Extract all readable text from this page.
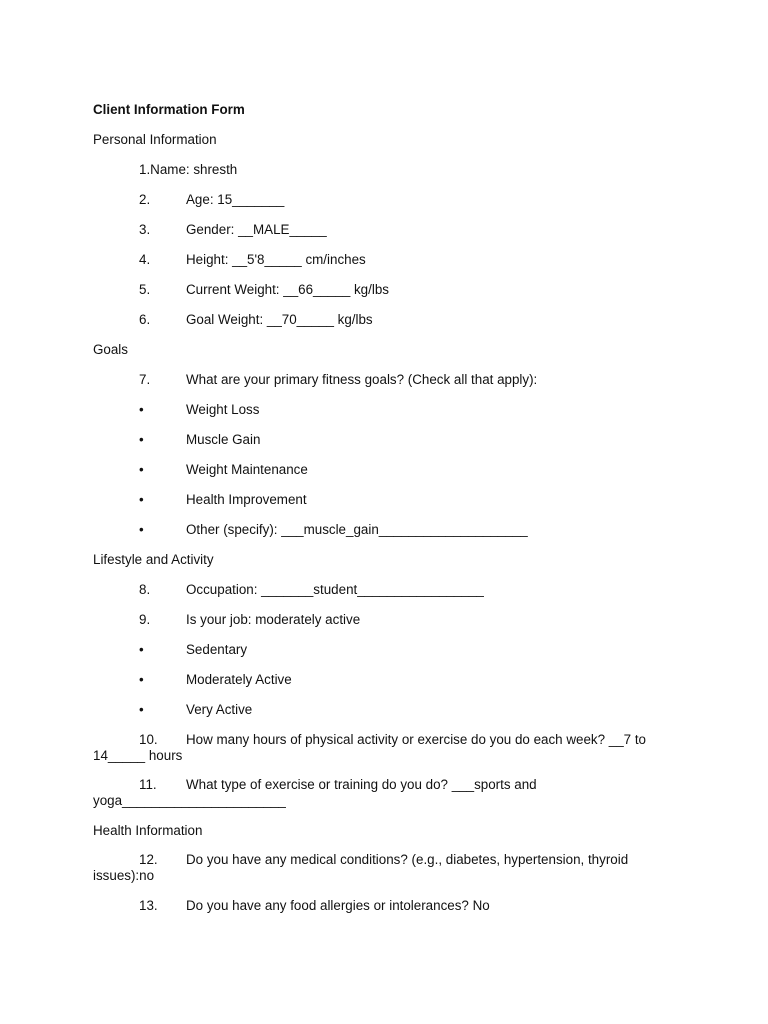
Client Information Form
Personal Information
1.Name: shresth
2.	Age: 15_______
3.	Gender: __MALE_____
4.	Height: __5'8_____ cm/inches
5.	Current Weight: __66_____ kg/lbs
6.	Goal Weight: __70_____ kg/lbs
Goals
7.	What are your primary fitness goals? (Check all that apply):
•	Weight Loss
•	Muscle Gain
•	Weight Maintenance
•	Health Improvement
•	Other (specify): ___muscle_gain____________________
Lifestyle and Activity
8.	Occupation: _______student_________________
9.	Is your job: moderately active
•	Sedentary
•	Moderately Active
•	Very Active
10. How many hours of physical activity or exercise do you do each week? __7 to
14_____ hours
11. What type of exercise or training do you do? ___sports and
yoga______________________
Health Information
12. Do you have any medical conditions? (e.g., diabetes, hypertension, thyroid
issues):no
13. Do you have any food allergies or intolerances? No
